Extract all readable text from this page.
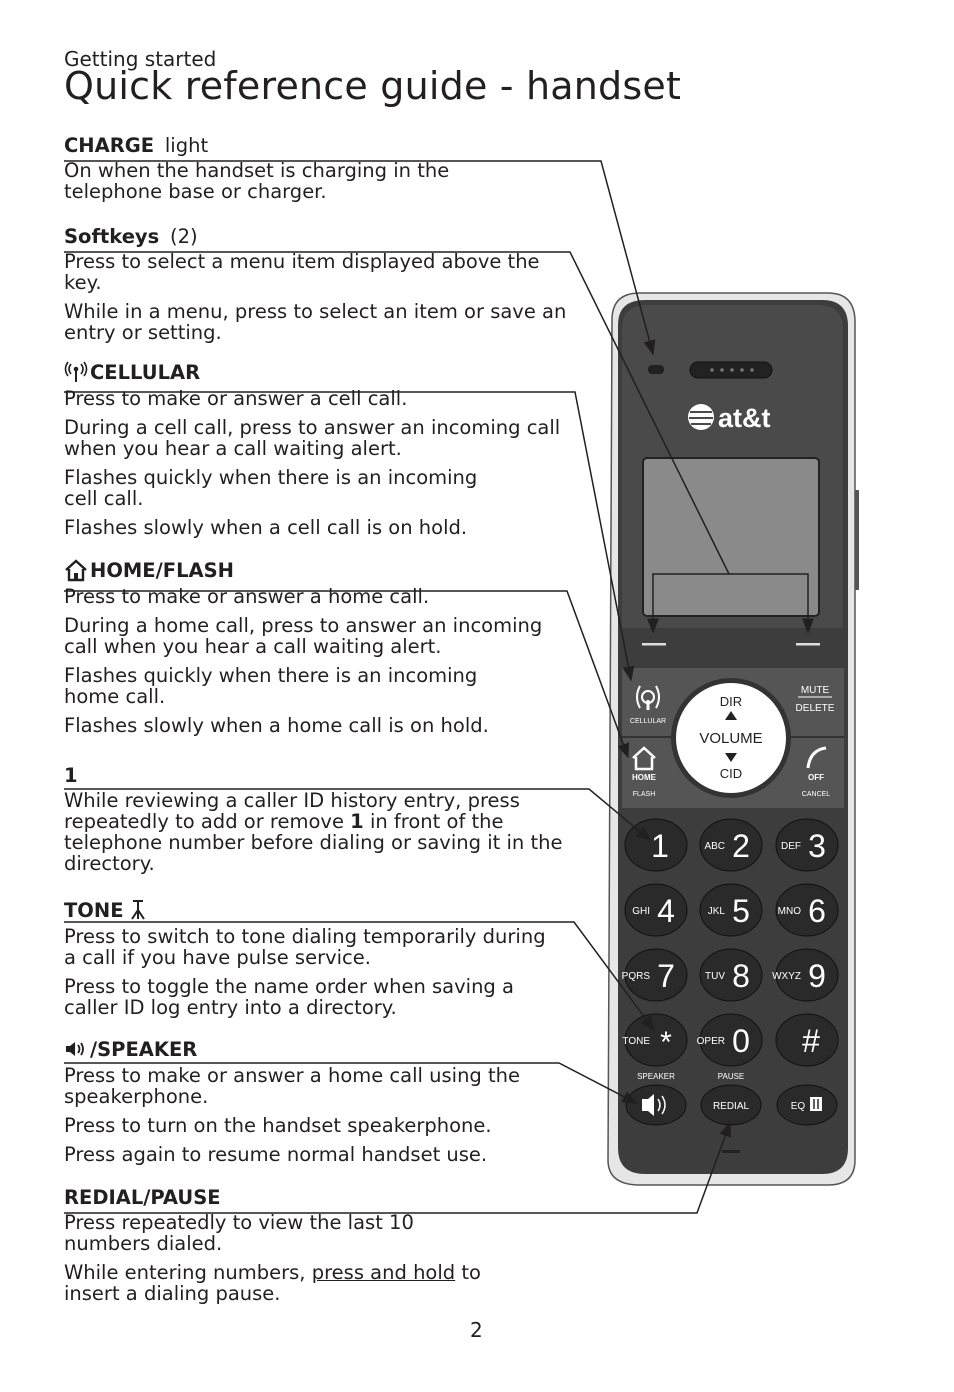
Getting started
Quick reference guide - handset
CHARGE
light
On when the handset is charging in the telephone base or charger.
Softkeys
(2)
Press to select a menu item displayed above the key.
While in a menu, press to select an item or save an entry or setting.
CELLULAR
Press to make or answer a cell call.
During a cell call, press to answer an incoming call when you hear a call waiting alert.
Flashes quickly when there is an incoming cell call.
Flashes slowly when a cell call is on hold.
HOME/FLASH
Press to make or answer a home call.
During a home call, press to answer an incoming call when you hear a call waiting alert.
Flashes quickly when there is an incoming home call.
Flashes slowly when a home call is on hold.
1
While reviewing a caller ID history entry, press repeatedly to add or remove 1 in front of the telephone number before dialing or saving it in the directory.
TONE
Press to switch to tone dialing temporarily during a call if you have pulse service.
Press to toggle the name order when saving a caller ID log entry into a directory.
/SPEAKER
Press to make or answer a home call using the speakerphone.
Press to turn on the handset speakerphone.
Press again to resume normal handset use.
REDIAL/PAUSE
Press repeatedly to view the last 10 numbers dialed.
While entering numbers, press and hold to insert a dialing pause.
2
at&t
DIR
VOLUME
CID
CELLULAR
MUTE
DELETE
HOME
FLASH
OFF
CANCEL
1	ABC 2	DEF 3
GHI 4	JKL 5	MNO 6
PQRS 7	TUV 8 WXYZ 9
TONE * OPER 0 #
SPEAKER	PAUSE
REDIAL	EQ
